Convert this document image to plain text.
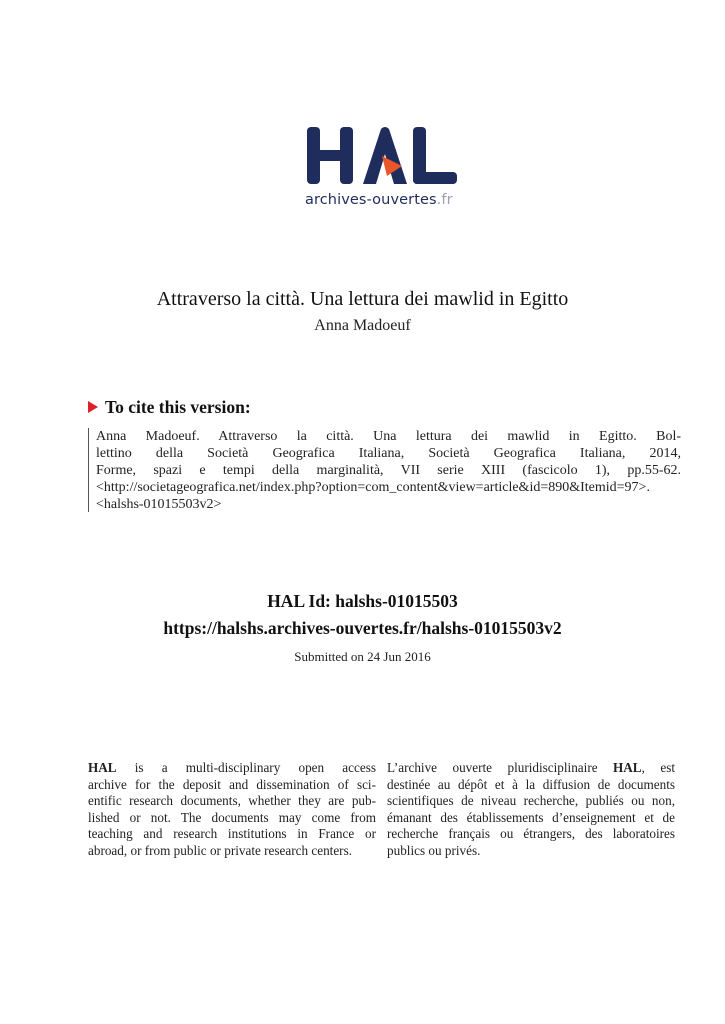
archives-ouvertes.fr
Attraverso la città. Una lettura dei mawlid in Egitto
Anna Madoeuf
To cite this version:
Anna Madoeuf. Attraverso la città. Una lettura dei mawlid in Egitto. Bol-
lettino della Società Geografica Italiana, Società Geografica Italiana, 2014,
Forme, spazi e tempi della marginalità, VII serie XIII (fascicolo 1), pp.55-62.
<http://societageografica.net/index.php?option=com_content&view=article&id=890&Itemid=97>.
<halshs-01015503v2>
HAL Id: halshs-01015503
https://halshs.archives-ouvertes.fr/halshs-01015503v2
Submitted on 24 Jun 2016
HAL is a multi-disciplinary open access
archive for the deposit and dissemination of sci-
entific research documents, whether they are pub-
lished or not. The documents may come from
teaching and research institutions in France or
abroad, or from public or private research centers.
L’archive ouverte pluridisciplinaire HAL, est
destinée au dépôt et à la diffusion de documents
scientifiques de niveau recherche, publiés ou non,
émanant des établissements d’enseignement et de
recherche français ou étrangers, des laboratoires
publics ou privés.
